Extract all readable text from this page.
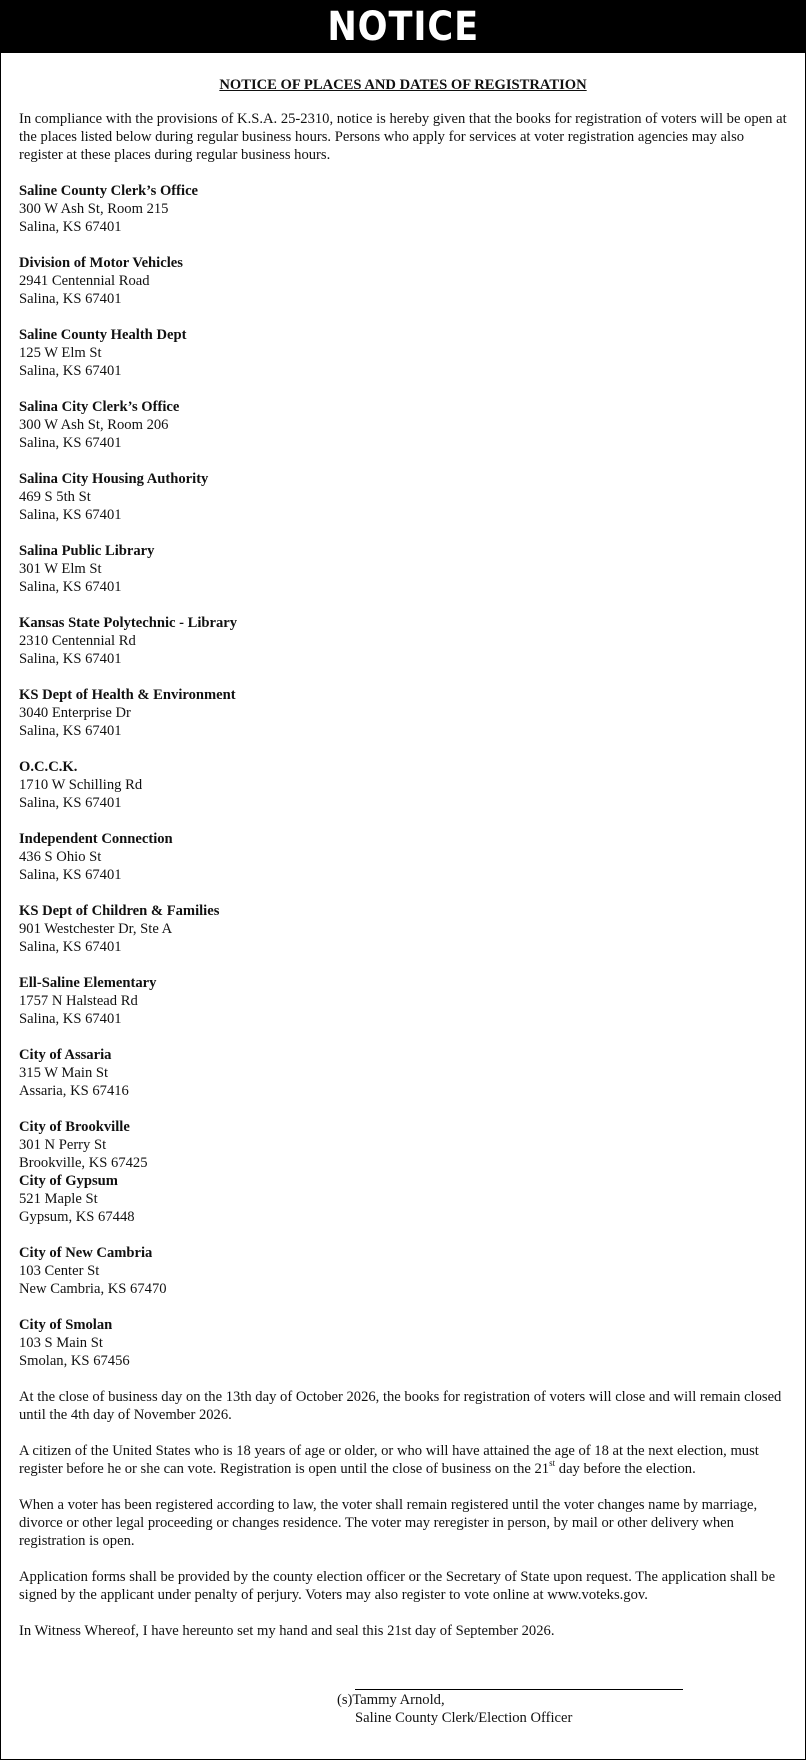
NOTICE
NOTICE OF PLACES AND DATES OF REGISTRATION

In compliance with the provisions of K.S.A. 25-2310, notice is hereby given that the books for registration of voters will be open at the places listed below during regular business hours. Persons who apply for services at voter registration agencies may also register at these places during regular business hours.

Saline County Clerk’s Office
300 W Ash St, Room 215
Salina, KS 67401
Division of Motor Vehicles
2941 Centennial Road
Salina, KS 67401
Saline County Health Dept
125 W Elm St
Salina, KS 67401
Salina City Clerk’s Office
300 W Ash St, Room 206
Salina, KS 67401
Salina City Housing Authority
469 S 5th St
Salina, KS 67401
Salina Public Library
301 W Elm St
Salina, KS 67401
Kansas State Polytechnic - Library
2310 Centennial Rd
Salina, KS 67401
KS Dept of Health & Environment
3040 Enterprise Dr
Salina, KS 67401
O.C.C.K.
1710 W Schilling Rd
Salina, KS 67401
Independent Connection
436 S Ohio St
Salina, KS 67401
KS Dept of Children & Families
901 Westchester Dr, Ste A
Salina, KS 67401
Ell-Saline Elementary
1757 N Halstead Rd
Salina, KS 67401
City of Assaria
315 W Main St
Assaria, KS 67416
City of Brookville
301 N Perry St
Brookville, KS 67425
City of Gypsum
521 Maple St
Gypsum, KS 67448
City of New Cambria
103 Center St
New Cambria, KS 67470
City of Smolan
103 S Main St
Smolan, KS 67456

At the close of business day on the 13th day of October 2026, the books for registration of voters will close and will remain closed until the 4th day of November 2026.

A citizen of the United States who is 18 years of age or older, or who will have attained the age of 18 at the next election, must register before he or she can vote. Registration is open until the close of business on the 21st day before the election.

When a voter has been registered according to law, the voter shall remain registered until the voter changes name by marriage, divorce or other legal proceeding or changes residence. The voter may reregister in person, by mail or other delivery when registration is open.

Application forms shall be provided by the county election officer or the Secretary of State upon request. The application shall be signed by the applicant under penalty of perjury. Voters may also register to vote online at www.voteks.gov.

In Witness Whereof, I have hereunto set my hand and seal this 21st day of September 2026.

(s)Tammy Arnold,
Saline County Clerk/Election Officer
